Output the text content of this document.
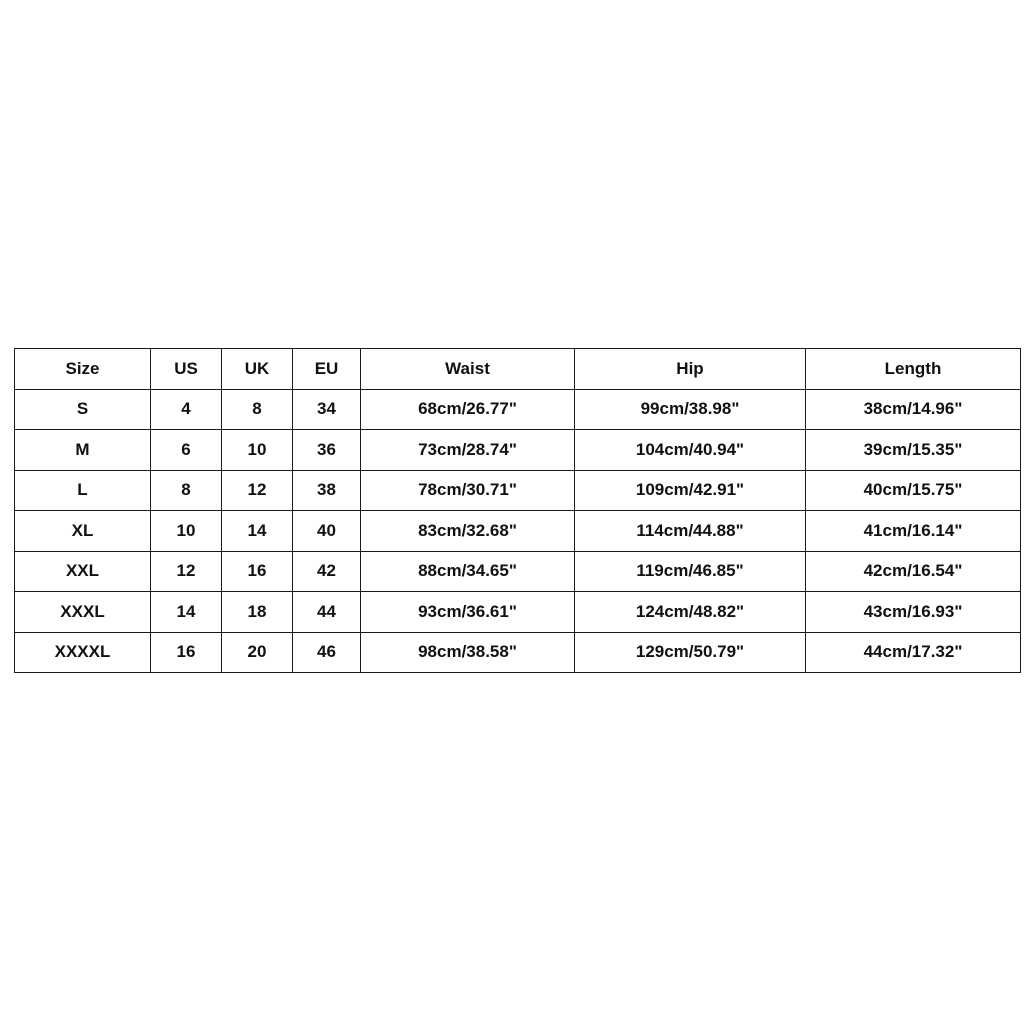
Size	US	UK	EU	Waist	Hip	Length
S	4	8	34	68cm/26.77"	99cm/38.98"	38cm/14.96"
M	6	10	36	73cm/28.74"	104cm/40.94"	39cm/15.35"
L	8	12	38	78cm/30.71"	109cm/42.91"	40cm/15.75"
XL	10	14	40	83cm/32.68"	114cm/44.88"	41cm/16.14"
XXL	12	16	42	88cm/34.65"	119cm/46.85"	42cm/16.54"
XXXL	14	18	44	93cm/36.61"	124cm/48.82"	43cm/16.93"
XXXXL	16	20	46	98cm/38.58"	129cm/50.79"	44cm/17.32"
